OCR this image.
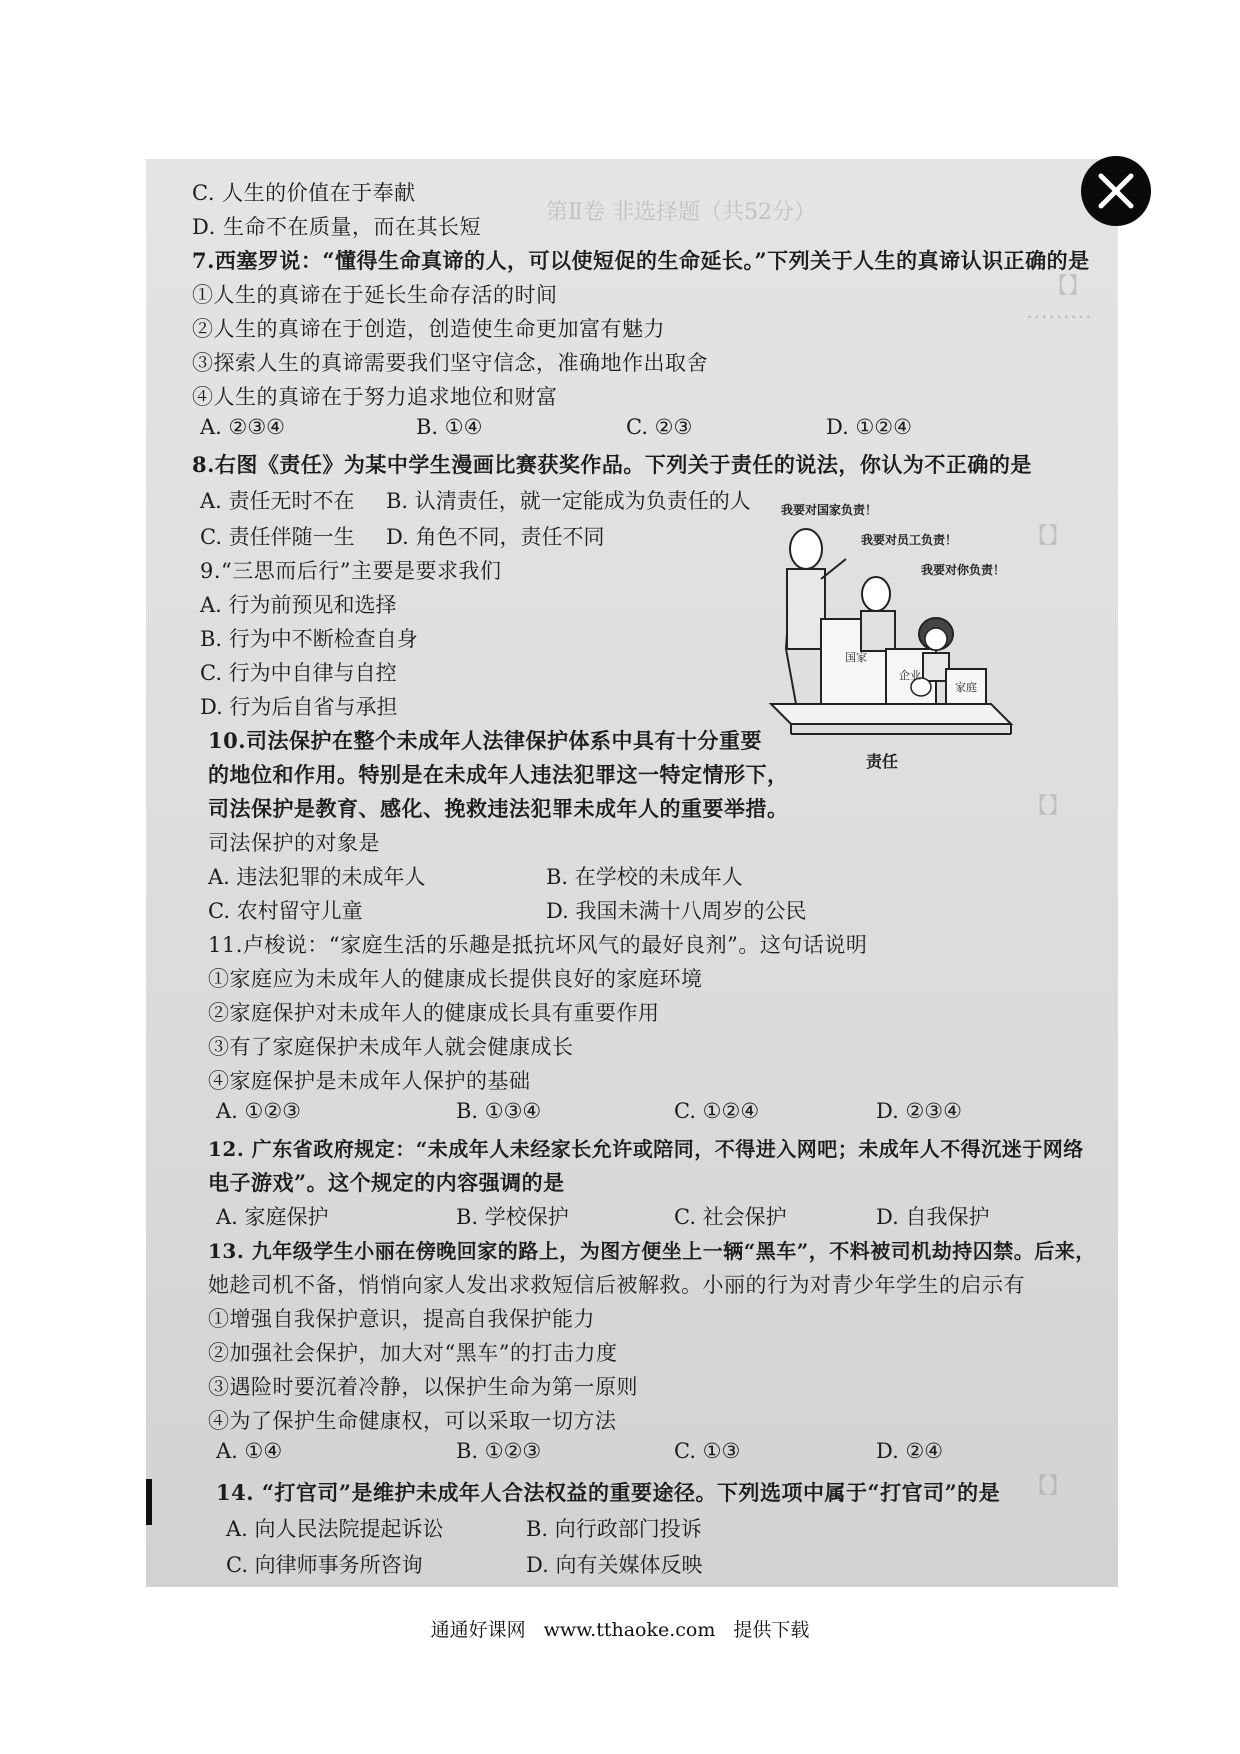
第Ⅱ卷 非选择题（共52分）
【】
………
【】
【】
【】
C. 人生的价值在于奉献
D. 生命不在质量，而在其长短
7.西塞罗说：“懂得生命真谛的人，可以使短促的生命延长。”下列关于人生的真谛认识正确的是
①人生的真谛在于延长生命存活的时间
②人生的真谛在于创造，创造使生命更加富有魅力
③探索人生的真谛需要我们坚守信念，准确地作出取舍
④人生的真谛在于努力追求地位和财富
A. ②③④	B. ①④	C. ②③	D. ①②④
8.右图《责任》为某中学生漫画比赛获奖作品。下列关于责任的说法，你认为不正确的是
A. 责任无时不在 B. 认清责任，就一定能成为负责任的人
C. 责任伴随一生 D. 角色不同，责任不同
9.“三思而后行”主要是要求我们
A. 行为前预见和选择
B. 行为中不断检查自身
C. 行为中自律与自控
D. 行为后自省与承担
10.司法保护在整个未成年人法律保护体系中具有十分重要
的地位和作用。特别是在未成年人违法犯罪这一特定情形下，
司法保护是教育、感化、挽救违法犯罪未成年人的重要举措。
司法保护的对象是
A. 违法犯罪的未成年人	B. 在学校的未成年人
C. 农村留守儿童	D. 我国未满十八周岁的公民
11.卢梭说：“家庭生活的乐趣是抵抗坏风气的最好良剂”。这句话说明
①家庭应为未成年人的健康成长提供良好的家庭环境
②家庭保护对未成年人的健康成长具有重要作用
③有了家庭保护未成年人就会健康成长
④家庭保护是未成年人保护的基础
A. ①②③	B. ①③④	C. ①②④	D. ②③④
12. 广东省政府规定：“未成年人未经家长允许或陪同，不得进入网吧；未成年人不得沉迷于网络
电子游戏”。这个规定的内容强调的是
A. 家庭保护	B. 学校保护	C. 社会保护	D. 自我保护
13. 九年级学生小丽在傍晚回家的路上，为图方便坐上一辆“黑车”，不料被司机劫持囚禁。后来，
她趁司机不备，悄悄向家人发出求救短信后被解救。小丽的行为对青少年学生的启示有
①增强自我保护意识，提高自我保护能力
②加强社会保护，加大对“黑车”的打击力度
③遇险时要沉着冷静，以保护生命为第一原则
④为了保护生命健康权，可以采取一切方法
A. ①④	B. ①②③	C. ①③	D. ②④
14. “打官司”是维护未成年人合法权益的重要途径。下列选项中属于“打官司”的是
A. 向人民法院提起诉讼	B. 向行政部门投诉
C. 向律师事务所咨询	D. 向有关媒体反映
我要对国家负责！
我要对员工负责！
我要对你负责！
国家
企业
家庭
责任
通通好课网 www.tthaoke.com 提供下载
